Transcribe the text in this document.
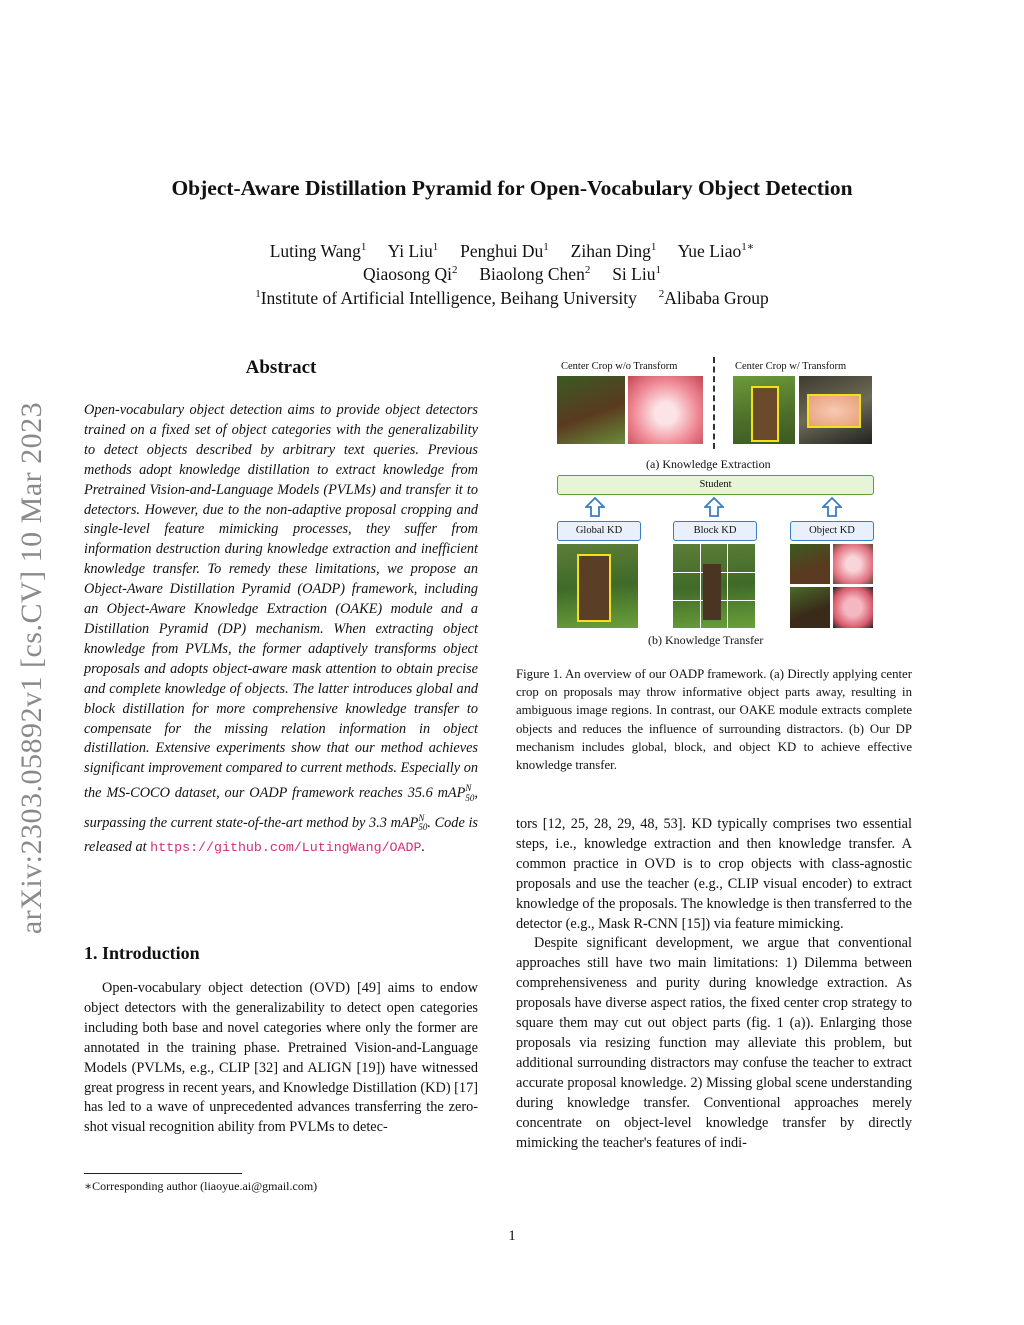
arXiv:2303.05892v1 [cs.CV] 10 Mar 2023
Object-Aware Distillation Pyramid for Open-Vocabulary Object Detection
Luting Wang$^1$ Yi Liu$^1$ Penghui Du$^1$ Zihan Ding$^1$ Yue Liao$^{1∗}$
Qiaosong Qi$^2$ Biaolong Chen$^2$ Si Liu$^1$
$^1$Institute of Artificial Intelligence, Beihang University $^2$Alibaba Group
Abstract
Open-vocabulary object detection aims to provide object detectors trained on a fixed set of object categories with the generalizability to detect objects described by arbitrary text queries. Previous methods adopt knowledge distillation to extract knowledge from Pretrained Vision-and-Language Models (PVLMs) and transfer it to detectors. However, due to the non-adaptive proposal cropping and single-level feature mimicking processes, they suffer from information destruction during knowledge extraction and inefficient knowledge transfer. To remedy these limitations, we propose an Object-Aware Distillation Pyramid (OADP) framework, including an Object-Aware Knowledge Extraction (OAKE) module and a Distillation Pyramid (DP) mechanism. When extracting object knowledge from PVLMs, the former adaptively transforms object proposals and adopts object-aware mask attention to obtain precise and complete knowledge of objects. The latter introduces global and block distillation for more comprehensive knowledge transfer to compensate for the missing relation information in object distillation. Extensive experiments show that our method achieves significant improvement compared to current methods. Especially on the MS-COCO dataset, our OADP framework reaches 35.6 mAP$^N_{50}$, surpassing the current state-of-the-art method by 3.3 mAP$^N_{50}$. Code is released at https://github.com/LutingWang/OADP.
1. Introduction

Open-vocabulary object detection (OVD) [49] aims to endow object detectors with the generalizability to detect open categories including both base and novel categories where only the former are annotated in the training phase. Pretrained Vision-and-Language Models (PVLMs, e.g., CLIP [32] and ALIGN [19]) have witnessed great progress in recent years, and Knowledge Distillation (KD) [17] has led to a wave of unprecedented advances transferring the zero-shot visual recognition ability from PVLMs to detec-

∗Corresponding author (liaoyue.ai@gmail.com)
Center Crop w/o Transform	Center Crop w/ Transform
(a) Knowledge Extraction
Student
Global KD	Block KD	Object KD
(b) Knowledge Transfer
Figure 1. An overview of our OADP framework. (a) Directly applying center crop on proposals may throw informative object parts away, resulting in ambiguous image regions. In contrast, our OAKE module extracts complete objects and reduces the influence of surrounding distractors. (b) Our DP mechanism includes global, block, and object KD to achieve effective knowledge transfer.

tors [12, 25, 28, 29, 48, 53]. KD typically comprises two essential steps, i.e., knowledge extraction and then knowledge transfer. A common practice in OVD is to crop objects with class-agnostic proposals and use the teacher (e.g., CLIP visual encoder) to extract knowledge of the proposals. The knowledge is then transferred to the detector (e.g., Mask R-CNN [15]) via feature mimicking.

Despite significant development, we argue that conventional approaches still have two main limitations: 1) Dilemma between comprehensiveness and purity during knowledge extraction. As proposals have diverse aspect ratios, the fixed center crop strategy to square them may cut out object parts (fig. 1 (a)). Enlarging those proposals via resizing function may alleviate this problem, but additional surrounding distractors may confuse the teacher to extract accurate proposal knowledge. 2) Missing global scene understanding during knowledge transfer. Conventional approaches merely concentrate on object-level knowledge transfer by directly mimicking the teacher's features of indi-

1
